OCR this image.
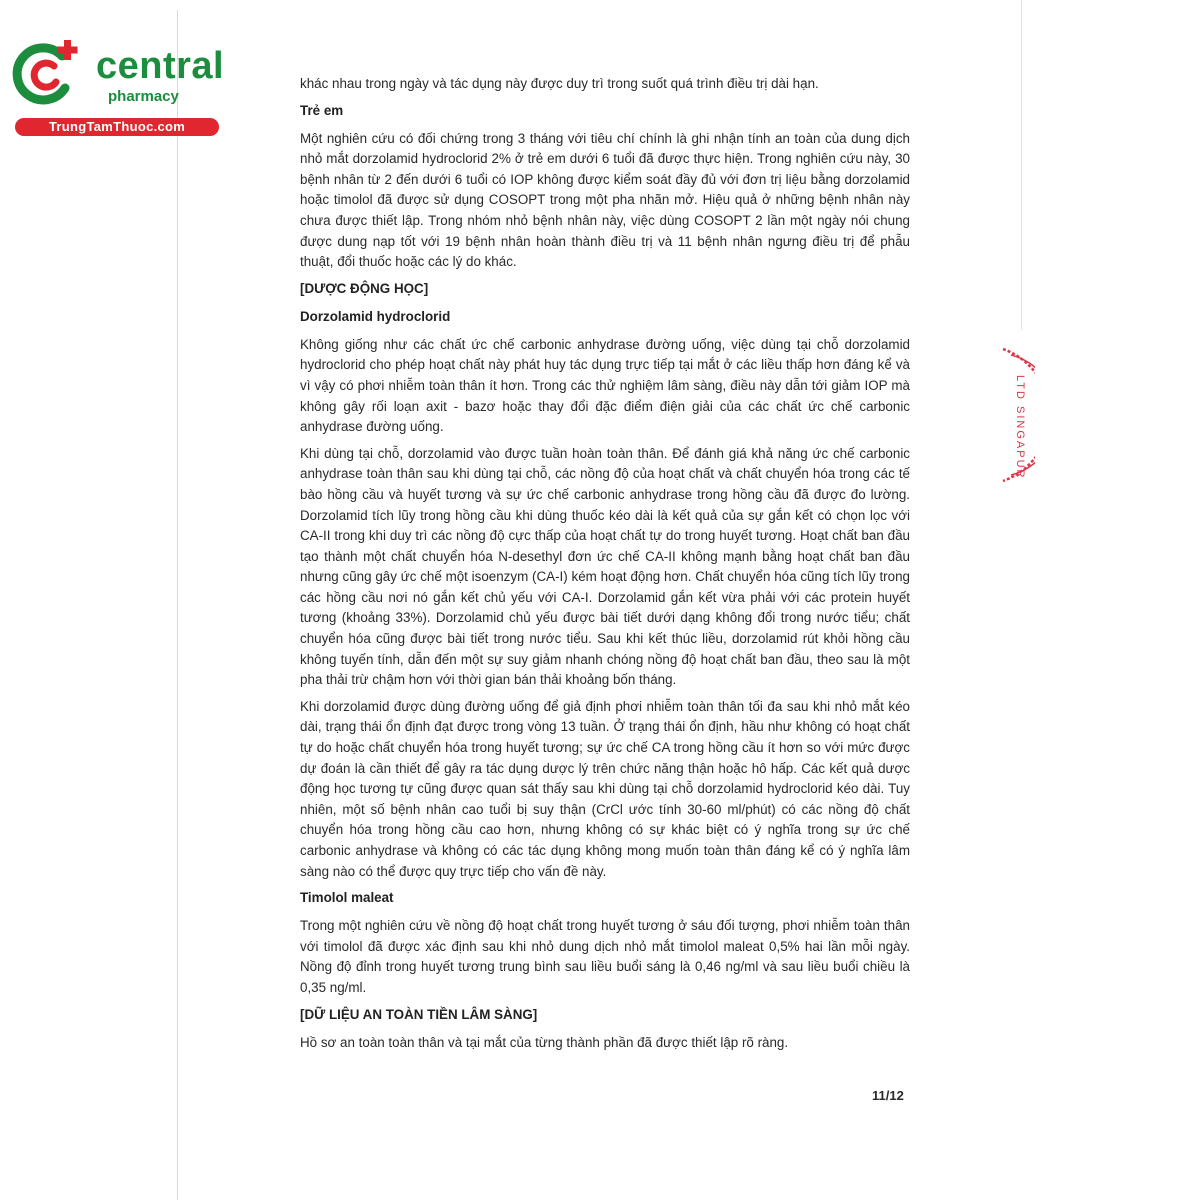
central
pharmacy
TrungTamThuoc.com
LTD SINGAPUR

khác nhau trong ngày và tác dụng này được duy trì trong suốt quá trình điều trị dài hạn.

Trẻ em

Một nghiên cứu có đối chứng trong 3 tháng với tiêu chí chính là ghi nhận tính an toàn của dung dịch nhỏ mắt dorzolamid hydroclorid 2% ở trẻ em dưới 6 tuổi đã được thực hiện. Trong nghiên cứu này, 30 bệnh nhân từ 2 đến dưới 6 tuổi có IOP không được kiểm soát đầy đủ với đơn trị liệu bằng dorzolamid hoặc timolol đã được sử dụng COSOPT trong một pha nhãn mở. Hiệu quả ở những bệnh nhân này chưa được thiết lập. Trong nhóm nhỏ bệnh nhân này, việc dùng COSOPT 2 lần một ngày nói chung được dung nạp tốt với 19 bệnh nhân hoàn thành điều trị và 11 bệnh nhân ngưng điều trị để phẫu thuật, đổi thuốc hoặc các lý do khác.

[DƯỢC ĐỘNG HỌC]
Dorzolamid hydroclorid

Không giống như các chất ức chế carbonic anhydrase đường uống, việc dùng tại chỗ dorzolamid hydroclorid cho phép hoạt chất này phát huy tác dụng trực tiếp tại mắt ở các liều thấp hơn đáng kể và vì vậy có phơi nhiễm toàn thân ít hơn. Trong các thử nghiệm lâm sàng, điều này dẫn tới giảm IOP mà không gây rối loạn axit - bazơ hoặc thay đổi đặc điểm điện giải của các chất ức chế carbonic anhydrase đường uống.

Khi dùng tại chỗ, dorzolamid vào được tuần hoàn toàn thân. Để đánh giá khả năng ức chế carbonic anhydrase toàn thân sau khi dùng tại chỗ, các nồng độ của hoạt chất và chất chuyển hóa trong các tế bào hồng cầu và huyết tương và sự ức chế carbonic anhydrase trong hồng cầu đã được đo lường. Dorzolamid tích lũy trong hồng cầu khi dùng thuốc kéo dài là kết quả của sự gắn kết có chọn lọc với CA-II trong khi duy trì các nồng độ cực thấp của hoạt chất tự do trong huyết tương. Hoạt chất ban đầu tạo thành một chất chuyển hóa N-desethyl đơn ức chế CA-II không mạnh bằng hoạt chất ban đầu nhưng cũng gây ức chế một isoenzym (CA-I) kém hoạt động hơn. Chất chuyển hóa cũng tích lũy trong các hồng cầu nơi nó gắn kết chủ yếu với CA-I. Dorzolamid gắn kết vừa phải với các protein huyết tương (khoảng 33%). Dorzolamid chủ yếu được bài tiết dưới dạng không đổi trong nước tiểu; chất chuyển hóa cũng được bài tiết trong nước tiểu. Sau khi kết thúc liều, dorzolamid rút khỏi hồng cầu không tuyến tính, dẫn đến một sự suy giảm nhanh chóng nồng độ hoạt chất ban đầu, theo sau là một pha thải trừ chậm hơn với thời gian bán thải khoảng bốn tháng.

Khi dorzolamid được dùng đường uống để giả định phơi nhiễm toàn thân tối đa sau khi nhỏ mắt kéo dài, trạng thái ổn định đạt được trong vòng 13 tuần. Ở trạng thái ổn định, hầu như không có hoạt chất tự do hoặc chất chuyển hóa trong huyết tương; sự ức chế CA trong hồng cầu ít hơn so với mức được dự đoán là cần thiết để gây ra tác dụng dược lý trên chức năng thận hoặc hô hấp. Các kết quả dược động học tương tự cũng được quan sát thấy sau khi dùng tại chỗ dorzolamid hydroclorid kéo dài. Tuy nhiên, một số bệnh nhân cao tuổi bị suy thận (CrCl ước tính 30-60 ml/phút) có các nồng độ chất chuyển hóa trong hồng cầu cao hơn, nhưng không có sự khác biệt có ý nghĩa trong sự ức chế carbonic anhydrase và không có các tác dụng không mong muốn toàn thân đáng kể có ý nghĩa lâm sàng nào có thể được quy trực tiếp cho vấn đề này.

Timolol maleat

Trong một nghiên cứu về nồng độ hoạt chất trong huyết tương ở sáu đối tượng, phơi nhiễm toàn thân với timolol đã được xác định sau khi nhỏ dung dịch nhỏ mắt timolol maleat 0,5% hai lần mỗi ngày. Nồng độ đỉnh trong huyết tương trung bình sau liều buổi sáng là 0,46 ng/ml và sau liều buổi chiều là 0,35 ng/ml.

[DỮ LIỆU AN TOÀN TIỀN LÂM SÀNG]

Hồ sơ an toàn toàn thân và tại mắt của từng thành phần đã được thiết lập rõ ràng.

11/12
